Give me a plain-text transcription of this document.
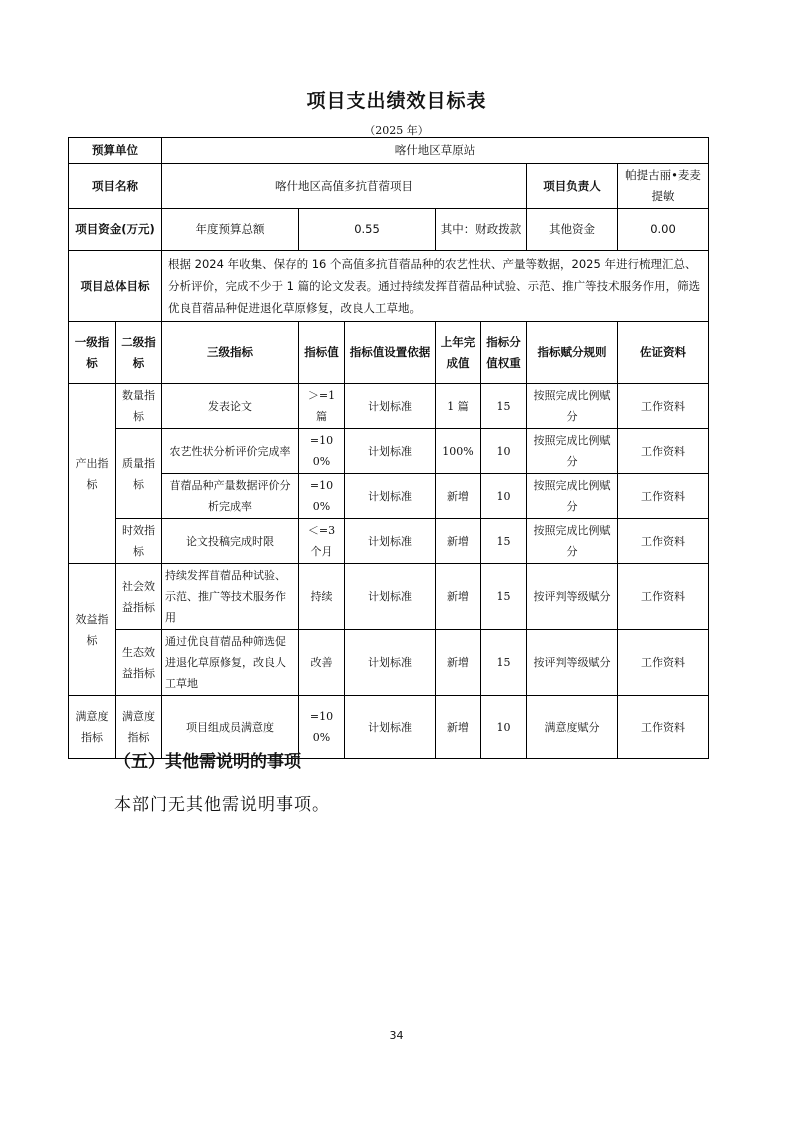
项目支出绩效目标表
（2025 年）
预算单位		喀什地区草原站						
项目名称		喀什地区高值多抗苜蓿项目					项目负责人	帕提古丽•麦麦提敏
项目资金(万元)		年度预算总额	0.55		其中：财政拨款		其他资金	0.00
项目总体目标		根据 2024 年收集、保存的 16 个高值多抗苜蓿品种的农艺性状、产量等数据，2025 年进行梳理汇总、分析评价，完成不少于 1 篇的论文发表。通过持续发挥苜蓿品种试验、示范、推广等技术服务作用，筛选优良苜蓿品种促进退化草原修复，改良人工草地。						
一级指标	二级指标	三级指标	指标值	指标值设置依据	上年完成值	指标分值权重	指标赋分规则	佐证资料
产出指标	数量指标	发表论文	＞=1 篇	计划标准	1 篇	15	按照完成比例赋分	工作资料
	质量指标	农艺性状分析评价完成率	=100%	计划标准	100%	10	按照完成比例赋分	工作资料
		苜蓿品种产量数据评价分析完成率	=100%	计划标准	新增	10	按照完成比例赋分	工作资料
	时效指标	论文投稿完成时限	＜=3 个月	计划标准	新增	15	按照完成比例赋分	工作资料
效益指标	社会效益指标	持续发挥苜蓿品种试验、示范、推广等技术服务作用	持续	计划标准	新增	15	按评判等级赋分	工作资料
	生态效益指标	通过优良苜蓿品种筛选促进退化草原修复，改良人工草地	改善	计划标准	新增	15	按评判等级赋分	工作资料
满意度指标	满意度指标	项目组成员满意度	=100%	计划标准	新增	10	满意度赋分	工作资料
（五）其他需说明的事项
本部门无其他需说明事项。
34
